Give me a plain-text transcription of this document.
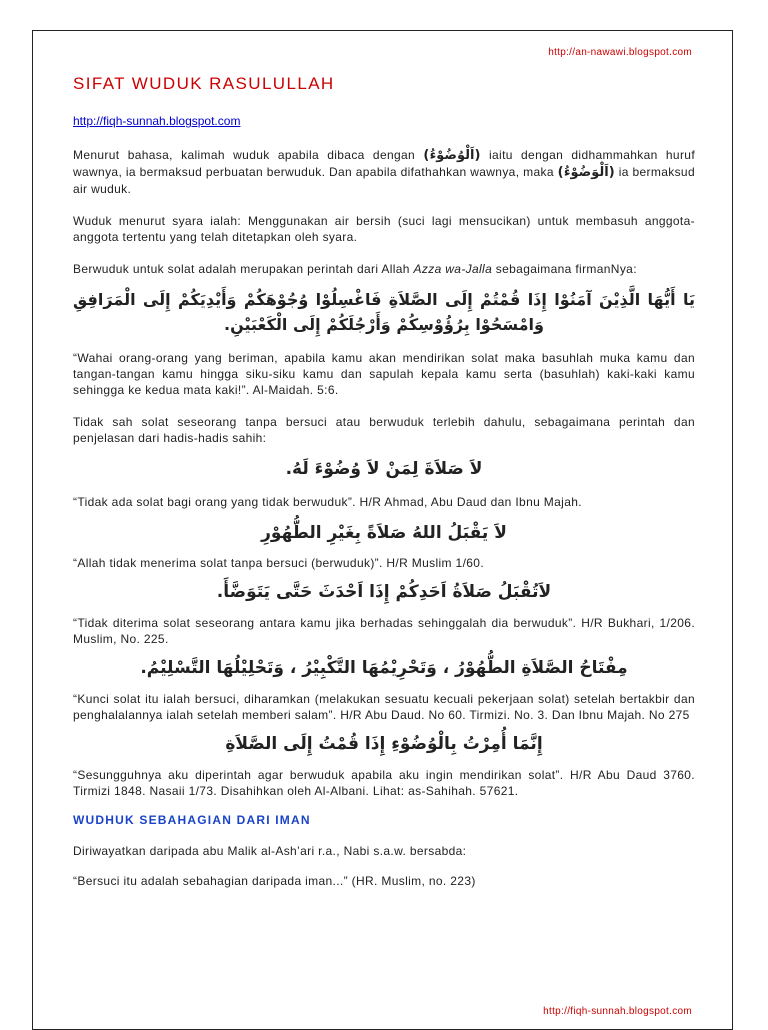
http://an-nawawi.blogspot.com
SIFAT WUDUK RASULULLAH
http://fiqh-sunnah.blogspot.com

Menurut bahasa, kalimah wuduk apabila dibaca dengan (اَلْوُضُوْءُ) iaitu dengan didhammahkan huruf wawnya, ia bermaksud perbuatan berwuduk. Dan apabila difathahkan wawnya, maka (اَلْوَضُوْءُ) ia bermaksud air wuduk.

Wuduk menurut syara ialah: Menggunakan air bersih (suci lagi mensucikan) untuk membasuh anggota-anggota tertentu yang telah ditetapkan oleh syara.

Berwuduk untuk solat adalah merupakan perintah dari Allah Azza wa-Jalla sebagaimana firmanNya:

يَا أَيُّهَا الَّذِيْنَ آمَنُوْا إِذَا قُمْتُمْ إِلَى الصَّلاَةِ فَاغْسِلُوْا وُجُوْهَكُمْ وَأَيْدِيَكُمْ إِلَى الْمَرَافِقِ وَامْسَحُوْا بِرُؤُوْسِكُمْ وَأَرْجُلَكُمْ إِلَى الْكَعْبَيْنِ.

“Wahai orang-orang yang beriman, apabila kamu akan mendirikan solat maka basuhlah muka kamu dan tangan-tangan kamu hingga siku-siku kamu dan sapulah kepala kamu serta (basuhlah) kaki-kaki kamu sehingga ke kedua mata kaki!”. Al-Maidah. 5:6.

Tidak sah solat seseorang tanpa bersuci atau berwuduk terlebih dahulu, sebagaimana perintah dan penjelasan dari hadis-hadis sahih:

لاَ صَلاَةَ لِمَنْ لاَ وُضُوْءَ لَهُ.

“Tidak ada solat bagi orang yang tidak berwuduk”. H/R Ahmad, Abu Daud dan Ibnu Majah.

لاَ يَقْبَلُ اللهُ صَلاَةً بِغَيْرِ الطُّهُوْرِ

“Allah tidak menerima solat tanpa bersuci (berwuduk)”. H/R Muslim 1/60.

لاَتُقْبَلُ صَلاَةُ اَحَدِكُمْ إِذَا اَحْدَثَ حَتَّى يَتَوَضَّأَ.

“Tidak diterima solat seseorang antara kamu jika berhadas sehinggalah dia berwuduk”. H/R Bukhari, 1/206. Muslim, No. 225.

مِفْتَاحُ الصَّلاَةِ الطُّهُوْرُ ، وَتَحْرِيْمُهَا التَّكْبِيْرُ ، وَتَحْلِيْلُهَا التَّسْلِيْمُ.

“Kunci solat itu ialah bersuci, diharamkan (melakukan sesuatu kecuali pekerjaan solat) setelah bertakbir dan penghalalannya ialah setelah memberi salam”. H/R Abu Daud. No 60. Tirmizi. No. 3. Dan Ibnu Majah. No 275

إِنَّمَا أُمِرْتُ بِالْوُضُوْءِ إِذَا قُمْتُ إِلَى الصَّلاَةِ

“Sesungguhnya aku diperintah agar berwuduk apabila aku ingin mendirikan solat”. H/R Abu Daud 3760. Tirmizi 1848. Nasaii 1/73. Disahihkan oleh Al-Albani. Lihat: as-Sahihah. 57621.

WUDHUK SEBAHAGIAN DARI IMAN

Diriwayatkan daripada abu Malik al-Ash’ari r.a., Nabi s.a.w. bersabda:

“Bersuci itu adalah sebahagian daripada iman...” (HR. Muslim, no. 223)

http://fiqh-sunnah.blogspot.com
